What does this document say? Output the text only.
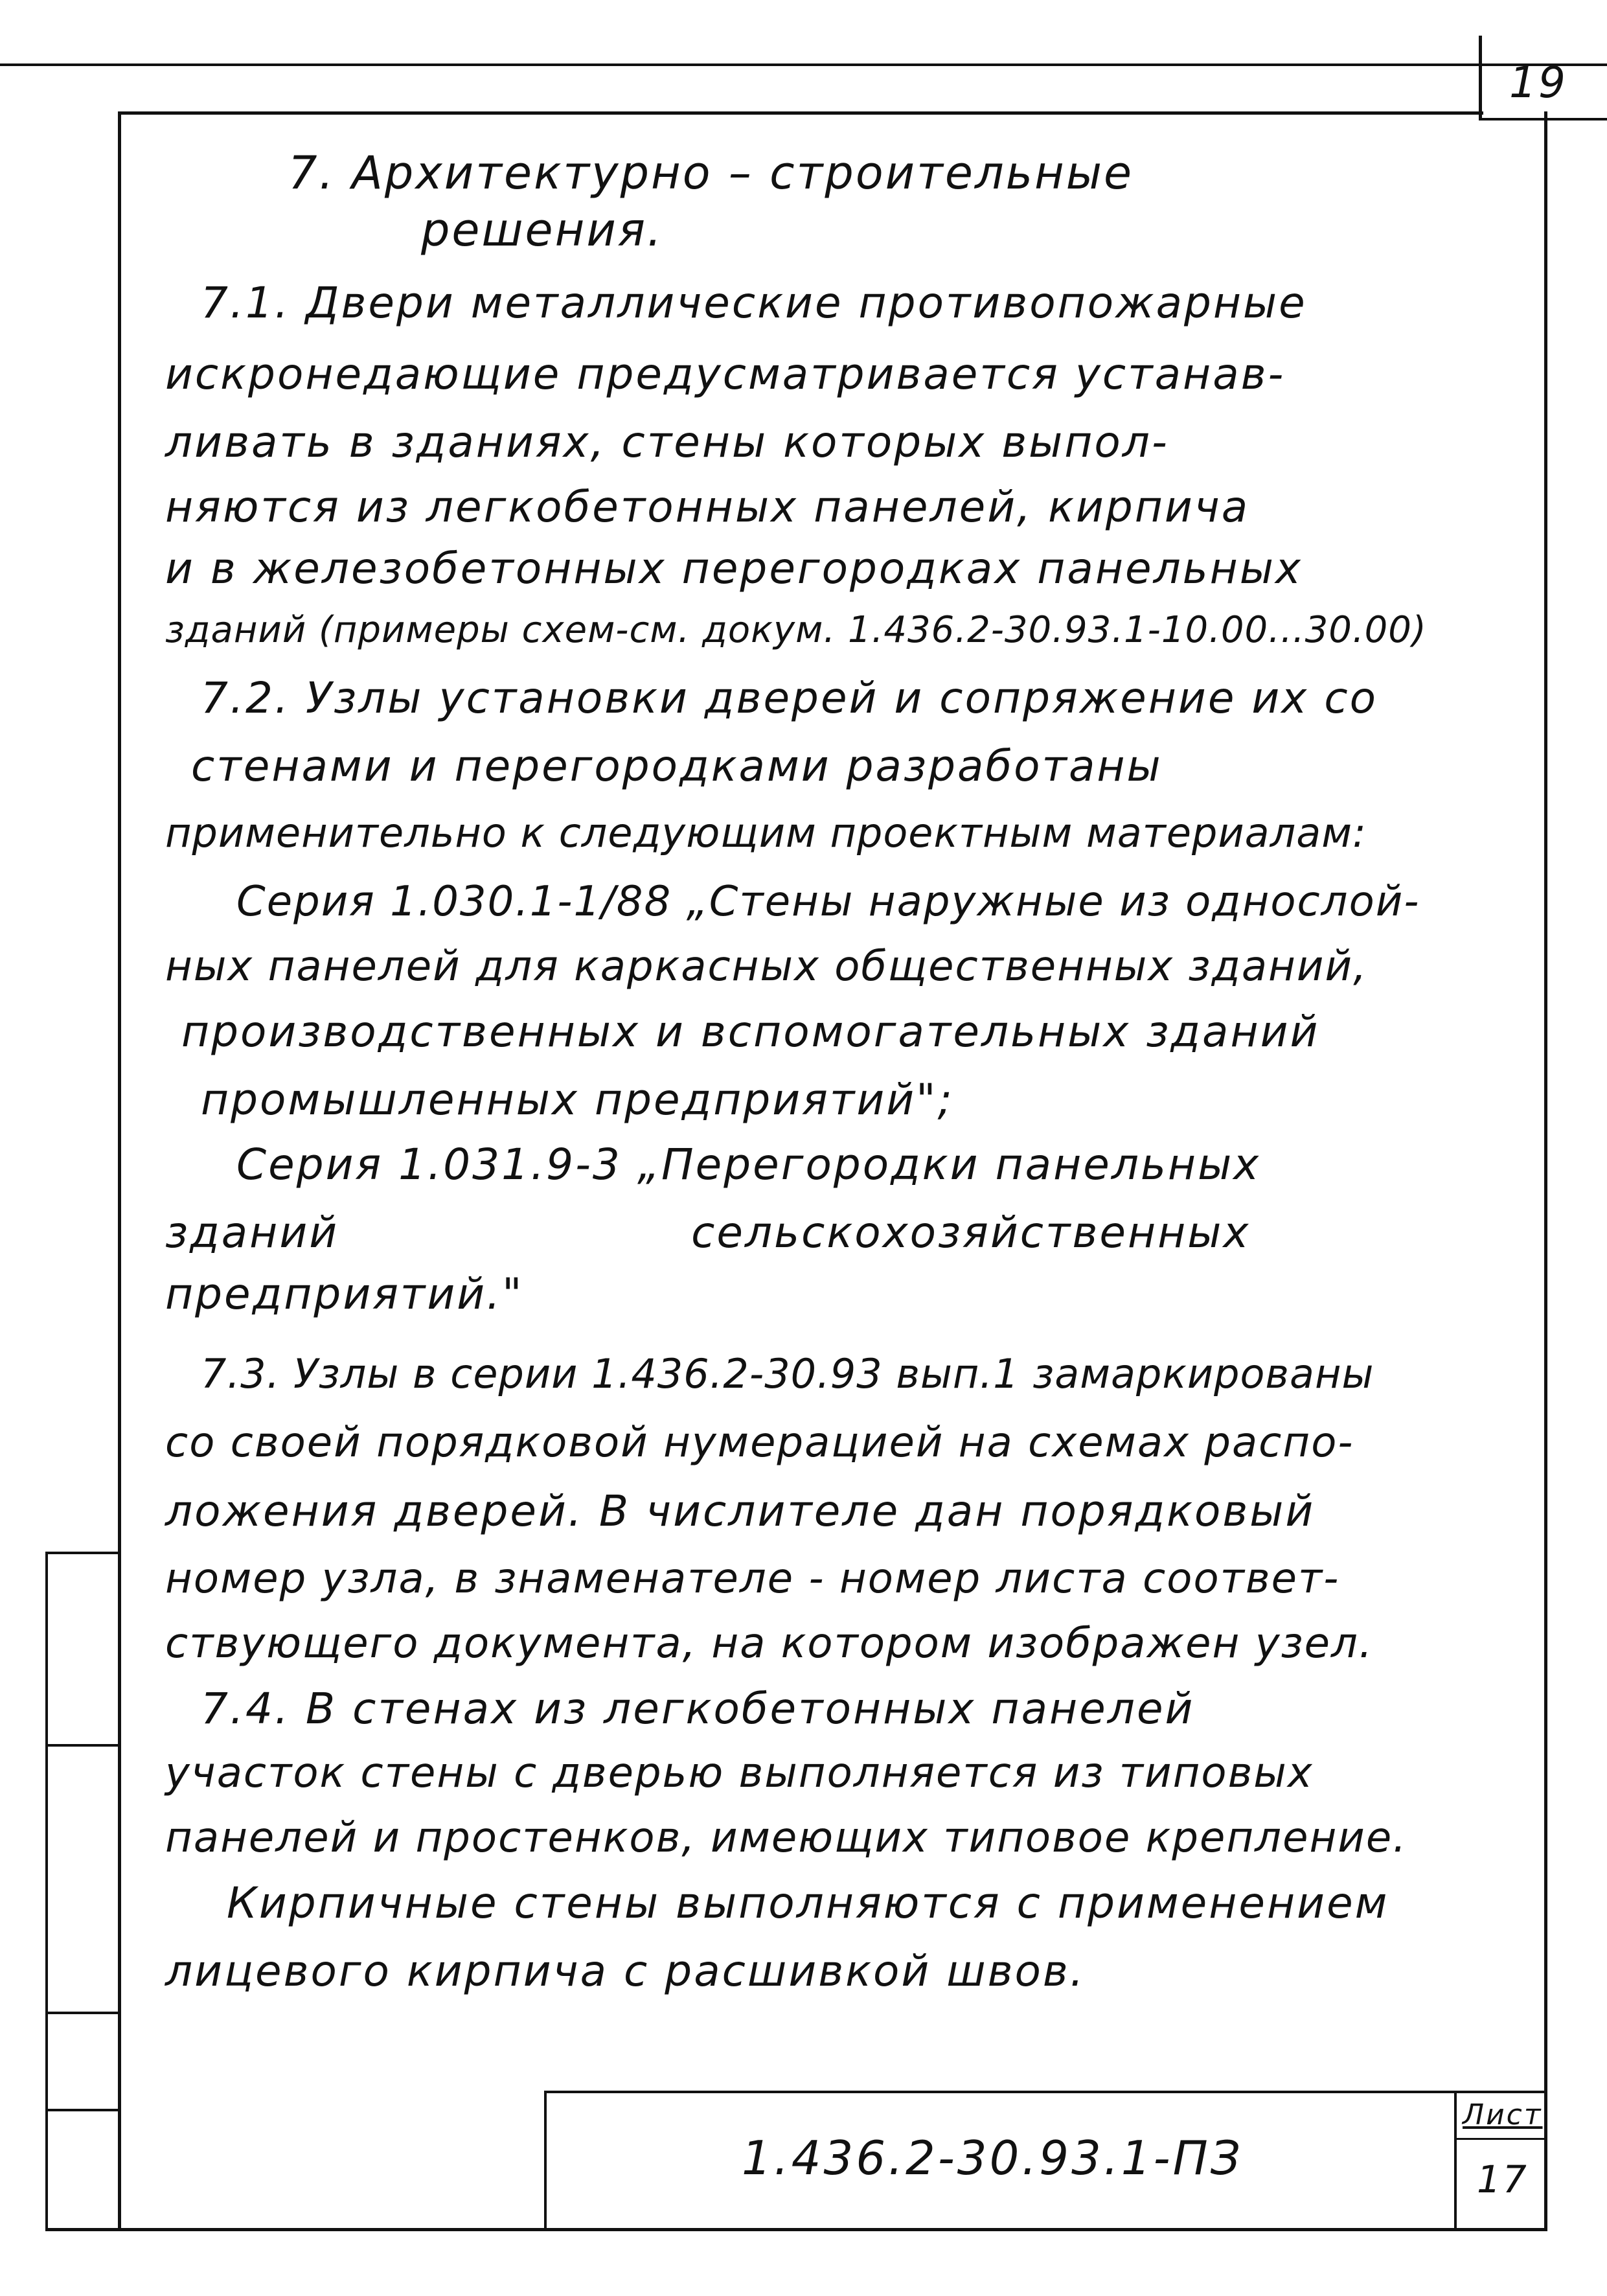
19
7. Архитектурно – строительные
решения.
7.1. Двери металлические противопожарные
искронедающие предусматривается устанав-
ливать в зданиях, стены которых выпол-
няются из легкобетонных панелей, кирпича
и в железобетонных перегородках панельных
зданий (примеры схем-см. докум. 1.436.2-30.93.1-10.00...30.00)
7.2. Узлы установки дверей и сопряжение их со
стенами и перегородками разработаны
применительно к следующим проектным материалам:
Серия 1.030.1-1/88 „Стены наружные из однослой-
ных панелей для каркасных общественных зданий,
производственных и вспомогательных зданий
промышленных предприятий";
Серия 1.031.9-3 „Перегородки панельных
зданий сельскохозяйственных
предприятий."
7.3. Узлы в серии 1.436.2-30.93 вып.1 замаркированы
со своей порядковой нумерацией на схемах распо-
ложения дверей. В числителе дан порядковый
номер узла, в знаменателе - номер листа соответ-
ствующего документа, на котором изображен узел.
7.4. В стенах из легкобетонных панелей
участок стены с дверью выполняется из типовых
панелей и простенков, имеющих типовое крепление.
Кирпичные стены выполняются с применением
лицевого кирпича с расшивкой швов.
1.436.2-30.93.1-ПЗ
Лист
17
